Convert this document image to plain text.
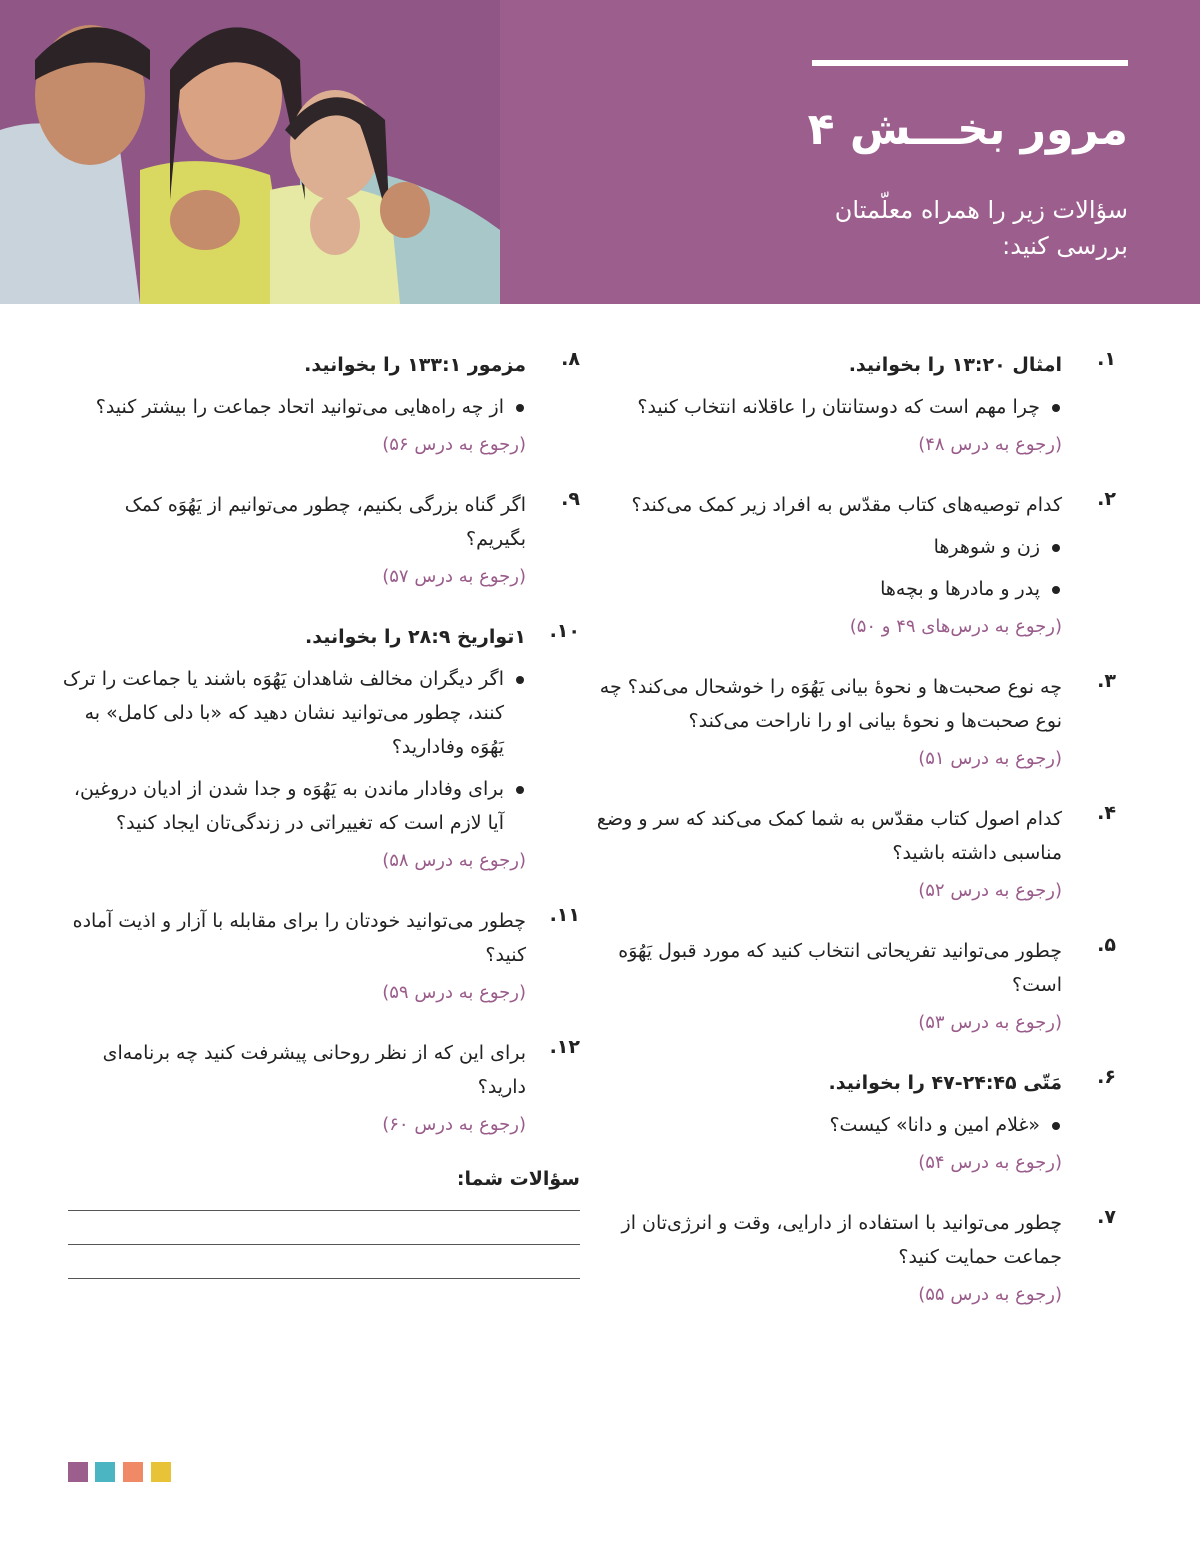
مرور بخـــش ۴

سؤالات زیر را همراه معلّمتان بررسی کنید:

۱.

امثال ۱۳:۲۰ را بخوانید.

چرا مهم است که دوستانتان را عاقلانه انتخاب کنید؟

(رجوع به درس ۴۸)

۲.

کدام توصیه‌های کتاب مقدّس به افراد زیر کمک می‌کند؟

زن و شوهرها

پدر و مادرها و بچه‌ها

(رجوع به درس‌های ۴۹ و ۵۰)

۳.

چه نوع صحبت‌ها و نحوهٔ بیانی یَهُوَه را خوشحال می‌کند؟ چه نوع صحبت‌ها و نحوهٔ بیانی او را ناراحت می‌کند؟

(رجوع به درس ۵۱)

۴.

کدام اصول کتاب مقدّس به شما کمک می‌کند که سر و وضع مناسبی داشته باشید؟

(رجوع به درس ۵۲)

۵.

چطور می‌توانید تفریحاتی انتخاب کنید که مورد قبول یَهُوَه است؟

(رجوع به درس ۵۳)

۶.

مَتّی ۲۴:۴۵-۴۷ را بخوانید.

«غلام امین و دانا» کیست؟

(رجوع به درس ۵۴)

۷.

چطور می‌توانید با استفاده از دارایی، وقت و انرژی‌تان از جماعت حمایت کنید؟

(رجوع به درس ۵۵)

۸.

مزمور ۱۳۳:۱ را بخوانید.

از چه راه‌هایی می‌توانید اتحاد جماعت را بیشتر کنید؟

(رجوع به درس ۵۶)

۹.

اگر گناه بزرگی بکنیم، چطور می‌توانیم از یَهُوَه کمک بگیریم؟

(رجوع به درس ۵۷)

۱۰.

۱تواریخ ۲۸:۹ را بخوانید.

اگر دیگران مخالف شاهدان یَهُوَه باشند یا جماعت را ترک کنند، چطور می‌توانید نشان دهید که «با دلی کامل» به یَهُوَه وفادارید؟

برای وفادار ماندن به یَهُوَه و جدا شدن از ادیان دروغین، آیا لازم است که تغییراتی در زندگی‌تان ایجاد کنید؟

(رجوع به درس ۵۸)

۱۱.

چطور می‌توانید خودتان را برای مقابله با آزار و اذیت آماده کنید؟

(رجوع به درس ۵۹)

۱۲.

برای این که از نظر روحانی پیشرفت کنید چه برنامه‌ای دارید؟

(رجوع به درس ۶۰)

سؤالات شما:
